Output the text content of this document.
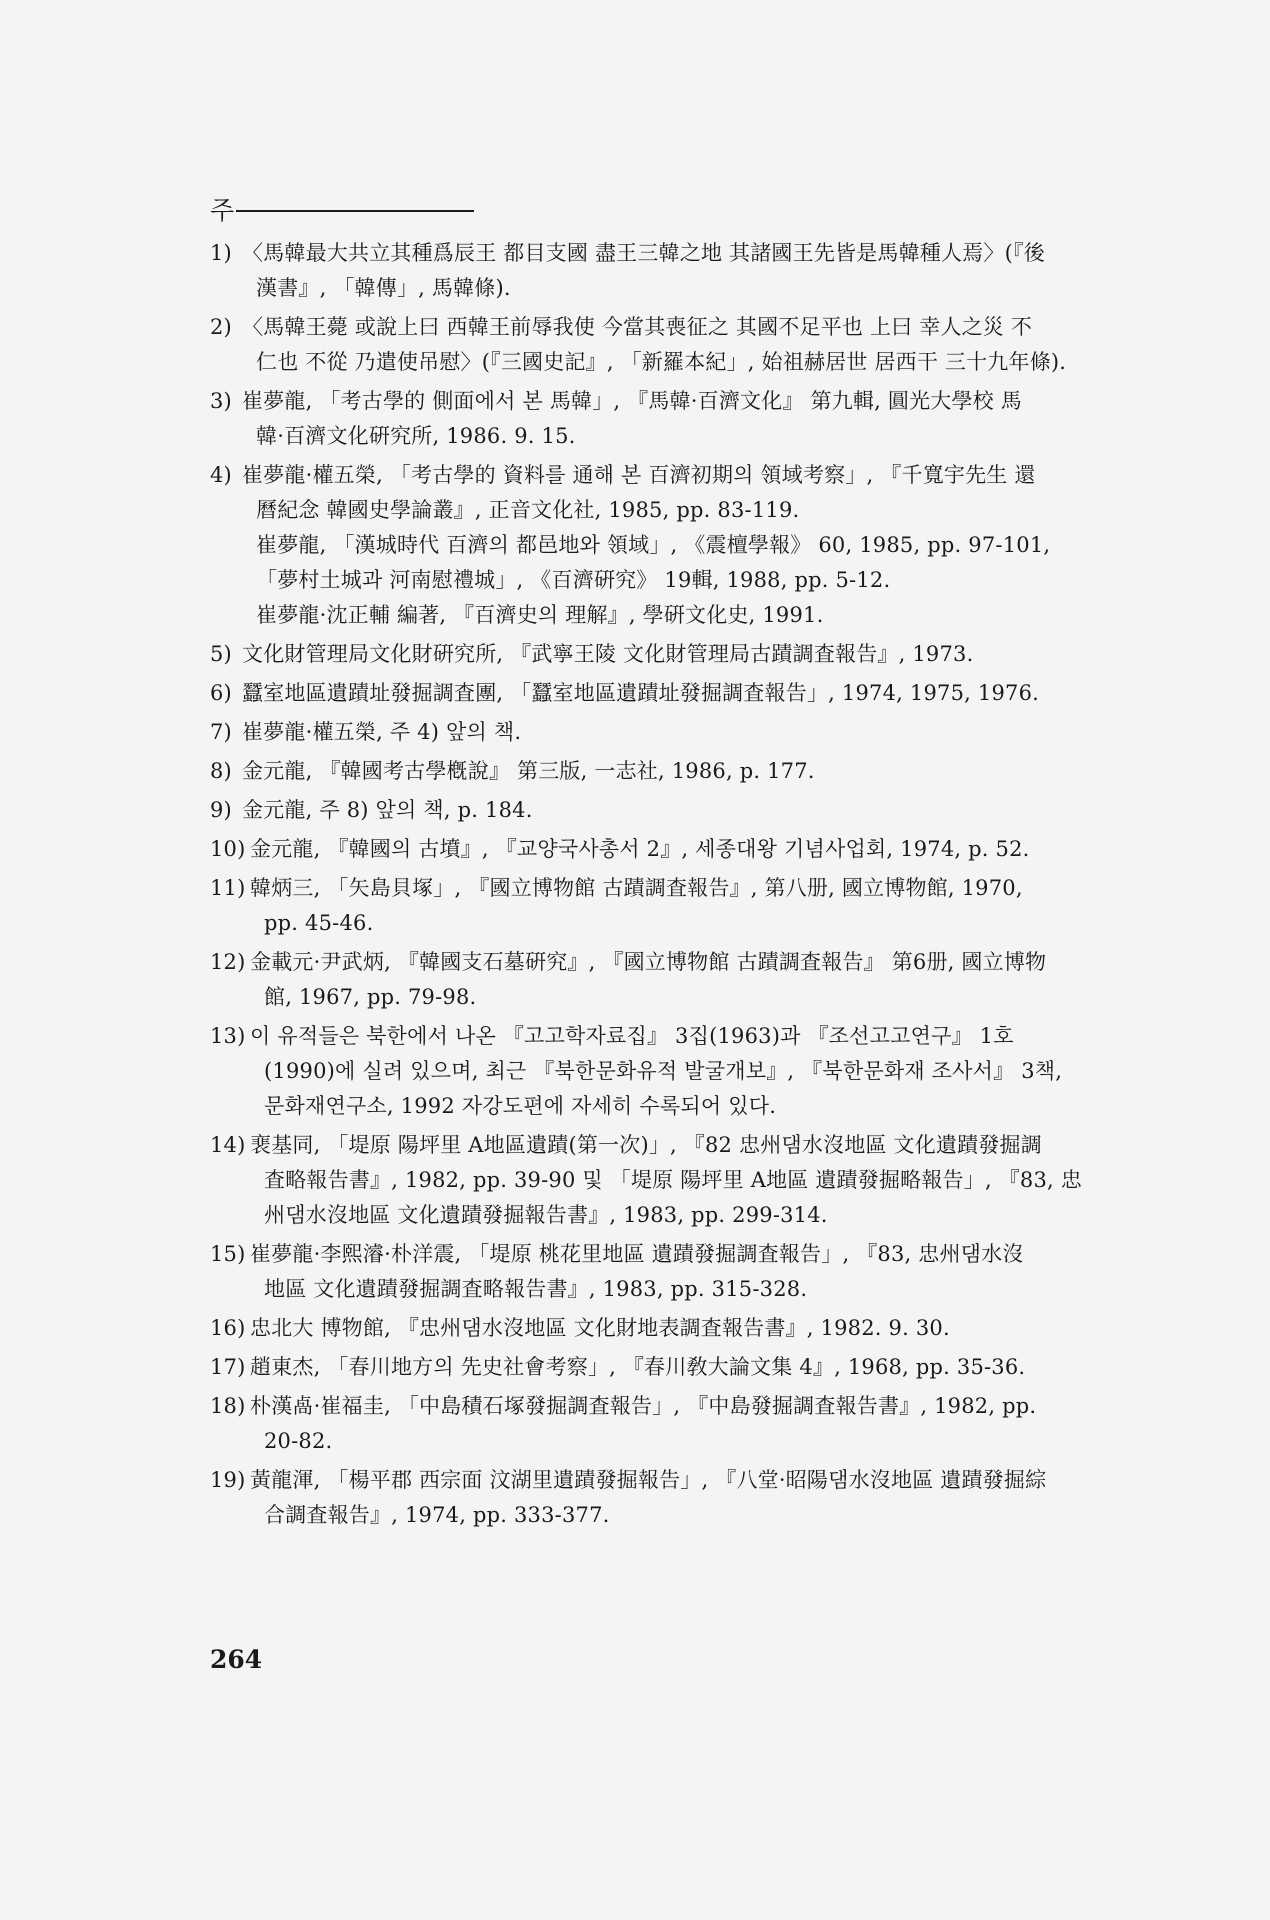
주
1) 〈馬韓最大共立其種爲辰王 都目支國 盡王三韓之地 其諸國王先皆是馬韓種人焉〉(『後
漢書』, 「韓傳」, 馬韓條).
2) 〈馬韓王薨 或說上曰 西韓王前辱我使 今當其喪征之 其國不足平也 上曰 幸人之災 不
仁也 不從 乃遣使吊慰〉(『三國史記』, 「新羅本紀」, 始祖赫居世 居西干 三十九年條).
3) 崔夢龍, 「考古學的 側面에서 본 馬韓」, 『馬韓·百濟文化』 第九輯, 圓光大學校 馬
韓·百濟文化硏究所, 1986. 9. 15.
4) 崔夢龍·權五榮, 「考古學的 資料를 通해 본 百濟初期의 領域考察」, 『千寬宇先生 還
曆紀念 韓國史學論叢』, 正音文化社, 1985, pp. 83-119.
崔夢龍, 「漢城時代 百濟의 都邑地와 領域」, 《震檀學報》 60, 1985, pp. 97-101,
「夢村土城과 河南慰禮城」, 《百濟硏究》 19輯, 1988, pp. 5-12.
崔夢龍·沈正輔 編著, 『百濟史의 理解』, 學硏文化史, 1991.
5) 文化財管理局文化財硏究所, 『武寧王陵 文化財管理局古蹟調査報告』, 1973.
6) 蠶室地區遺蹟址發掘調査團, 「蠶室地區遺蹟址發掘調査報告」, 1974, 1975, 1976.
7) 崔夢龍·權五榮, 주 4) 앞의 책.
8) 金元龍, 『韓國考古學槪說』 第三版, 一志社, 1986, p. 177.
9) 金元龍, 주 8) 앞의 책, p. 184.
10) 金元龍, 『韓國의 古墳』, 『교양국사총서 2』, 세종대왕 기념사업회, 1974, p. 52.
11) 韓炳三, 「矢島貝塚」, 『國立博物館 古蹟調査報告』, 第八册, 國立博物館, 1970,
pp. 45-46.
12) 金載元·尹武炳, 『韓國支石墓硏究』, 『國立博物館 古蹟調査報告』 第6册, 國立博物
館, 1967, pp. 79-98.
13) 이 유적들은 북한에서 나온 『고고학자료집』 3집(1963)과 『조선고고연구』 1호
(1990)에 실려 있으며, 최근 『북한문화유적 발굴개보』, 『북한문화재 조사서』 3책,
문화재연구소, 1992 자강도편에 자세히 수록되어 있다.
14) 裵基同, 「堤原 陽坪里 A地區遺蹟(第一次)」, 『82 忠州댐水沒地區 文化遺蹟發掘調
査略報告書』, 1982, pp. 39-90 및 「堤原 陽坪里 A地區 遺蹟發掘略報告」, 『83, 忠
州댐水沒地區 文化遺蹟發掘報告書』, 1983, pp. 299-314.
15) 崔夢龍·李熙濬·朴洋震, 「堤原 桃花里地區 遺蹟發掘調査報告」, 『83, 忠州댐水沒
地區 文化遺蹟發掘調査略報告書』, 1983, pp. 315-328.
16) 忠北大 博物館, 『忠州댐水沒地區 文化財地表調査報告書』, 1982. 9. 30.
17) 趙東杰, 「春川地方의 先史社會考察」, 『春川敎大論文集 4』, 1968, pp. 35-36.
18) 朴漢卨·崔福圭, 「中島積石塚發掘調査報告」, 『中島發掘調査報告書』, 1982, pp.
20-82.
19) 黃龍渾, 「楊平郡 西宗面 汶湖里遺蹟發掘報告」, 『八堂·昭陽댐水沒地區 遺蹟發掘綜
合調査報告』, 1974, pp. 333-377.
264
